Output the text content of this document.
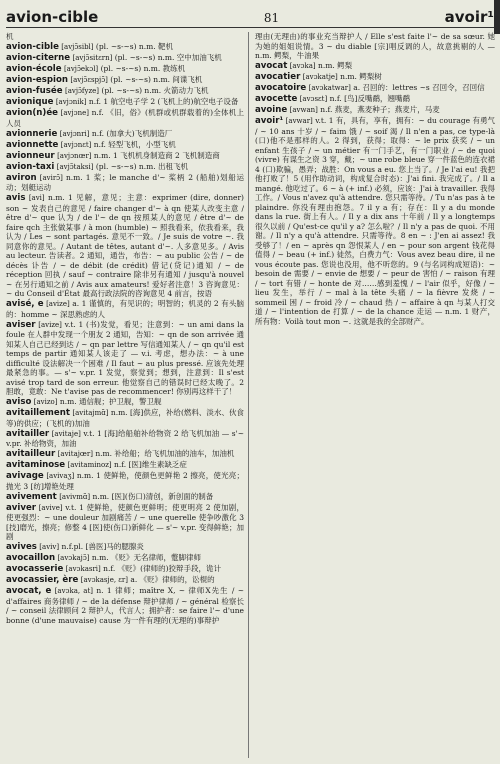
avion-cible	81	avoir¹
机
avion-cible [avjɔ̃sibl] (pl. ~s-~s) n.m. 靶机
avion-citerne [avjɔ̃sitɛrn] (pl. ~s-~s) n.m. 空中加油飞机
avion-école [avjɔ̃ekɔl] (pl. ~s-~s) n.m. 教练机
avion-espion [avjɔ̃ɛspjɔ̃] (pl. ~s-~s) n.m. 间谍飞机
avion-fusée [avjɔ̃fyze] (pl. ~s-~s) n.m. 火箭动力飞机
avionique [avjɔnik] n.f. 1 航空电子学 2 (飞机上的)航空电子设备
avion(n)ée [avjɔne] n.f. 《旧，俗》(机群或机群载着的)全体机上人员
avionnerie [avjɔnri] n.f. (加拿大)飞机制造厂
avionnette [avjɔnɛt] n.f. 轻型飞机，小型飞机
avionneur [avjɔnœr] n.m. 1 飞机机身制造商 2 飞机制造商
avion-taxi [avjɔ̃taksi] (pl. ~s-~s) n.m. 出租飞机
aviron [avirɔ̃] n.m. 1 桨；le manche d'~ 桨柄 2 (船舶)划船运动；划艇运动
avis [avi] n.m. 1 见解，意见；主意：exprimer (dire, donner) son ~ 发表自己的意见 / faire changer d'~ à qn 使某人改变主意 / être d'~ que 认为 / de l'~ de qn 按照某人的意见 / être d'~ de faire qch 主张做某事 / à mon (humble) ~ 照我看来，依我看来，我认为 / Les ~ sont partagés. 意见不一致。/ Je suis de votre ~. 我同意你的意见。/ Autant de têtes, autant d'~. 人多意见多。/ Avis au lecteur. 告读者。2 通知，通告，布告：~ au public 公告 / ~ de décès 讣告 / ~ de débit (de crédit) 借记(贷记)通知 / ~ de réception 回执 / sauf ~ contraire 除非另有通知 / jusqu'à nouvel ~ 在另行通知之前 / Avis aux amateurs! 爱好者注意！3 咨询意见：~ du Conseil d'État 最高行政法院的咨询意见 4 前言，按语
avisé, e [avize] a. 1 谨慎的，有见识的；明智的；机灵的 2 有头脑的：homme ~ 深思熟虑的人
aviser [avize] v.t. 1 (书)发觉，看见；注意到：~ un ami dans la foule 在人群中发现一个朋友 2 通知，告知：~ qn de son arrivée 通知某人自己已经到达 / ~ qn par lettre 写信通知某人 / ~ qn qu'il est temps de partir 通知某人该走了 — v.i. 考虑，想办法：~ à une difficulté 设法解决一个困难 / Il faut ~ au plus pressé. 应该先处理最紧急的事。— s'~ v.pr. 1 发觉，察觉到；想到，注意到：Il s'est avisé trop tard de son erreur. 他觉察自己的错误时已经太晚了。2 胆敢，竟敢：Ne t'avise pas de recommencer! 你别再这样干了！
aviso [avizo] n.m. 通信舰；护卫舰，警卫舰
avitaillement [avitajmɑ̃] n.m. [海]供应，补给(燃料、淡水、伙食等)的供应；(飞机的)加油
avitailler [avitaje] v.t. 1 [海]给船舶补给物资 2 给飞机加油 — s'~ v.pr. 补给物资，加油
avitailleur [avitajœr] n.m. 补给船；给飞机加油的油车，加油机
avitaminose [avitaminoz] n.f. [医]维生素缺乏症
avivage [avivaʒ] n.m. 1 使鲜艳，使颜色更鲜艳 2 擦亮，使光亮；抛光 3 [纺]增艳处理
avivement [avivmɑ̃] n.m. [医](伤口)清创，新创面的制备
aviver [avive] v.t. 1 使鲜艳，使颜色更鲜明；使更明亮 2 使加剧，使更强烈：~ une douleur 加剧痛苦 / ~ une querelle 使争吵激化 3 [技]磨光，擦亮；修整 4 [医]使(伤口)新鲜化 — s'~ v.pr. 变得鲜艳；加剧
avives [aviv] n.f.pl. [兽医]马的腮腺炎
avocaillon [avɔkajɔ̃] n.m. 《贬》无名律师，蹩脚律师
avocasserie [avɔkasri] n.f. 《贬》(律师的)狡辩手段，诡计
avocassier, ère [avɔkasje, ɛr] a. 《贬》律师的，讼棍的
avocat, e [avɔka, at] n. 1 律师；maître X, ~ 律师X先生 / ~ d'affaires 商务律师 / ~ de la défense 辩护律师 / ~ général 检察长 / ~ conseil 法律顾问 2 辩护人，代言人；拥护者：se faire l'~ d'une bonne (d'une mauvaise) cause 为一件有理的(无理的)事辩护
理由(无理由)的事业充当辩护人 / Elle s'est faite l'~ de sa sœur. 她为她的姐姐说情。3 ~ du diable [宗]唱反调的人，故意挑剔的人 — n.m. 鳄梨，牛油果
avocat [avɔka] n.m. 鳄梨
avocatier [avɔkatje] n.m. 鳄梨树
avocatoire [avɔkatwar] a. 召回的：lettres ~s 召回令，召回信
avocette [avɔsɛt] n.f. [鸟]反嘴鹬，翘嘴鹬
avoine [avwan] n.f. 燕麦，燕麦种子；燕麦片，马麦
avoir¹ [avwar] v.t. 1 有，具有，享有，拥有：~ du courage 有勇气 / ~ 10 ans 十岁 / ~ faim 饿 / ~ soif 渴 / Il n'en a pas, ce type-là (口)他不是那样的人。2 得到，获得；取得：~ le prix 获奖 / ~ un enfant 生孩子 / ~ un métier 有一门手艺，有一门职业 / ~ de quoi (vivre) 有谋生之资 3 穿，戴；~ une robe bleue 穿一件蓝色的连衣裙 4 (口)欺骗，愚弄；战胜：On vous a eu. 您上当了。/ Je l'ai eu! 我把他打败了！5 (用作助动词，构成复合时态)：J'ai fini. 我完成了。/ Il a mangé. 他吃过了。6 ~ à (+ inf.) 必须，应该：J'ai à travailler. 我得工作。/ Vous n'avez qu'à attendre. 您只需等待。/ Tu n'as pas à te plaindre. 你没有理由抱怨。7 il y a 有；存在：Il y a du monde dans la rue. 街上有人。/ Il y a dix ans 十年前 / Il y a longtemps 很久以前 / Qu'est-ce qu'il y a? 怎么啦？/ Il n'y a pas de quoi. 不用谢。/ Il n'y a qu'à attendre. 只需等待。8 en ~ : J'en ai assez! 我受够了！/ en ~ après qn 怨恨某人 / en ~ pour son argent 钱花得值得 / ~ beau (+ inf.) 徒然，白费力气：Vous avez beau dire, il ne vous écoute pas. 您说也没用，他不听您的。9 (与名词构成短语)：~ besoin de 需要 / ~ envie de 想要 / ~ peur de 害怕 / ~ raison 有理 / ~ tort 有错 / ~ honte de 对……感到羞愧 / ~ l'air 似乎，好像 / ~ lieu 发生，举行 / ~ mal à la tête 头痛 / ~ la fièvre 发烧 / ~ sommeil 困 / ~ froid 冷 / ~ chaud 热 / ~ affaire à qn 与某人打交道 / ~ l'intention de 打算 / ~ de la chance 走运 — n.m. 1 财产，所有物：Voilà tout mon ~. 这就是我的全部财产。
